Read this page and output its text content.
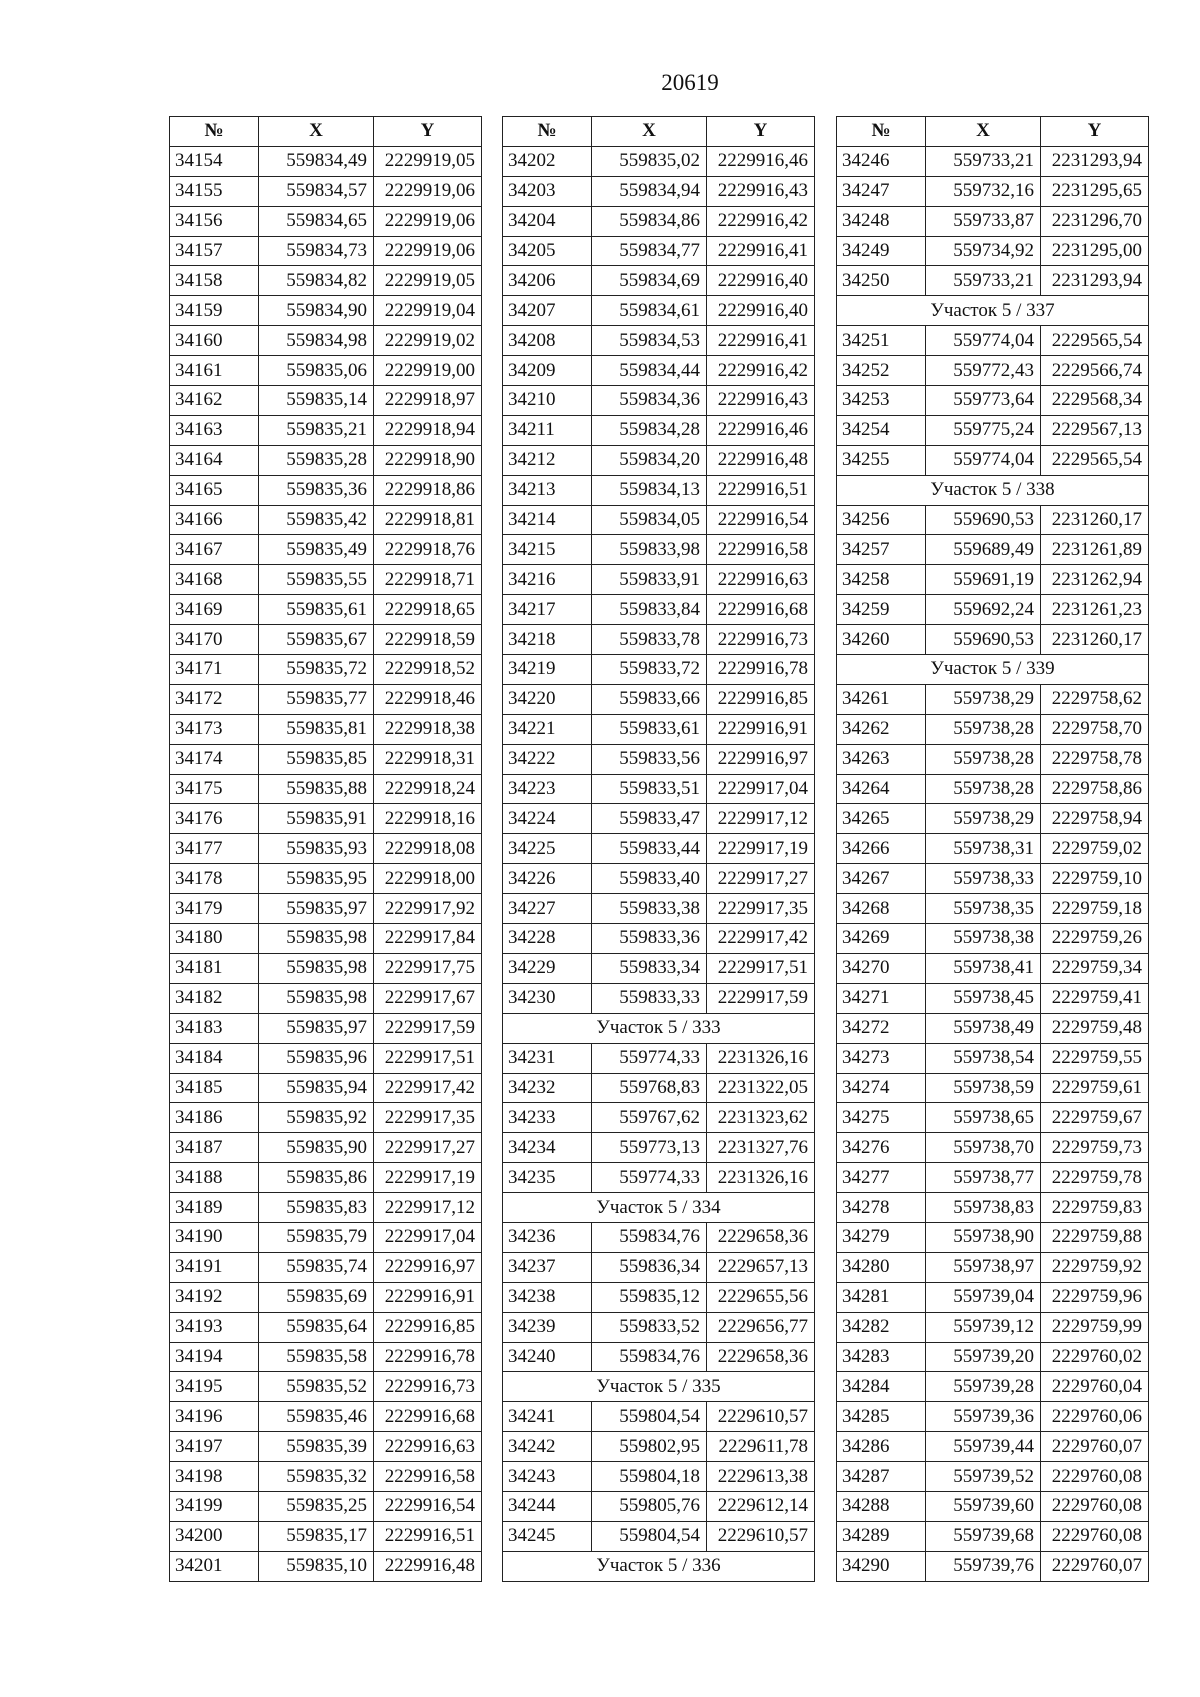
20619
№	X	Y
34154	559834,49	2229919,05
34155	559834,57	2229919,06
34156	559834,65	2229919,06
34157	559834,73	2229919,06
34158	559834,82	2229919,05
34159	559834,90	2229919,04
34160	559834,98	2229919,02
34161	559835,06	2229919,00
34162	559835,14	2229918,97
34163	559835,21	2229918,94
34164	559835,28	2229918,90
34165	559835,36	2229918,86
34166	559835,42	2229918,81
34167	559835,49	2229918,76
34168	559835,55	2229918,71
34169	559835,61	2229918,65
34170	559835,67	2229918,59
34171	559835,72	2229918,52
34172	559835,77	2229918,46
34173	559835,81	2229918,38
34174	559835,85	2229918,31
34175	559835,88	2229918,24
34176	559835,91	2229918,16
34177	559835,93	2229918,08
34178	559835,95	2229918,00
34179	559835,97	2229917,92
34180	559835,98	2229917,84
34181	559835,98	2229917,75
34182	559835,98	2229917,67
34183	559835,97	2229917,59
34184	559835,96	2229917,51
34185	559835,94	2229917,42
34186	559835,92	2229917,35
34187	559835,90	2229917,27
34188	559835,86	2229917,19
34189	559835,83	2229917,12
34190	559835,79	2229917,04
34191	559835,74	2229916,97
34192	559835,69	2229916,91
34193	559835,64	2229916,85
34194	559835,58	2229916,78
34195	559835,52	2229916,73
34196	559835,46	2229916,68
34197	559835,39	2229916,63
34198	559835,32	2229916,58
34199	559835,25	2229916,54
34200	559835,17	2229916,51
34201	559835,10	2229916,48
№	X	Y
34202	559835,02	2229916,46
34203	559834,94	2229916,43
34204	559834,86	2229916,42
34205	559834,77	2229916,41
34206	559834,69	2229916,40
34207	559834,61	2229916,40
34208	559834,53	2229916,41
34209	559834,44	2229916,42
34210	559834,36	2229916,43
34211	559834,28	2229916,46
34212	559834,20	2229916,48
34213	559834,13	2229916,51
34214	559834,05	2229916,54
34215	559833,98	2229916,58
34216	559833,91	2229916,63
34217	559833,84	2229916,68
34218	559833,78	2229916,73
34219	559833,72	2229916,78
34220	559833,66	2229916,85
34221	559833,61	2229916,91
34222	559833,56	2229916,97
34223	559833,51	2229917,04
34224	559833,47	2229917,12
34225	559833,44	2229917,19
34226	559833,40	2229917,27
34227	559833,38	2229917,35
34228	559833,36	2229917,42
34229	559833,34	2229917,51
34230	559833,33	2229917,59
Участок 5 / 333		
34231	559774,33	2231326,16
34232	559768,83	2231322,05
34233	559767,62	2231323,62
34234	559773,13	2231327,76
34235	559774,33	2231326,16
Участок 5 / 334		
34236	559834,76	2229658,36
34237	559836,34	2229657,13
34238	559835,12	2229655,56
34239	559833,52	2229656,77
34240	559834,76	2229658,36
Участок 5 / 335		
34241	559804,54	2229610,57
34242	559802,95	2229611,78
34243	559804,18	2229613,38
34244	559805,76	2229612,14
34245	559804,54	2229610,57
Участок 5 / 336		
№	X	Y
34246	559733,21	2231293,94
34247	559732,16	2231295,65
34248	559733,87	2231296,70
34249	559734,92	2231295,00
34250	559733,21	2231293,94
Участок 5 / 337		
34251	559774,04	2229565,54
34252	559772,43	2229566,74
34253	559773,64	2229568,34
34254	559775,24	2229567,13
34255	559774,04	2229565,54
Участок 5 / 338		
34256	559690,53	2231260,17
34257	559689,49	2231261,89
34258	559691,19	2231262,94
34259	559692,24	2231261,23
34260	559690,53	2231260,17
Участок 5 / 339		
34261	559738,29	2229758,62
34262	559738,28	2229758,70
34263	559738,28	2229758,78
34264	559738,28	2229758,86
34265	559738,29	2229758,94
34266	559738,31	2229759,02
34267	559738,33	2229759,10
34268	559738,35	2229759,18
34269	559738,38	2229759,26
34270	559738,41	2229759,34
34271	559738,45	2229759,41
34272	559738,49	2229759,48
34273	559738,54	2229759,55
34274	559738,59	2229759,61
34275	559738,65	2229759,67
34276	559738,70	2229759,73
34277	559738,77	2229759,78
34278	559738,83	2229759,83
34279	559738,90	2229759,88
34280	559738,97	2229759,92
34281	559739,04	2229759,96
34282	559739,12	2229759,99
34283	559739,20	2229760,02
34284	559739,28	2229760,04
34285	559739,36	2229760,06
34286	559739,44	2229760,07
34287	559739,52	2229760,08
34288	559739,60	2229760,08
34289	559739,68	2229760,08
34290	559739,76	2229760,07
